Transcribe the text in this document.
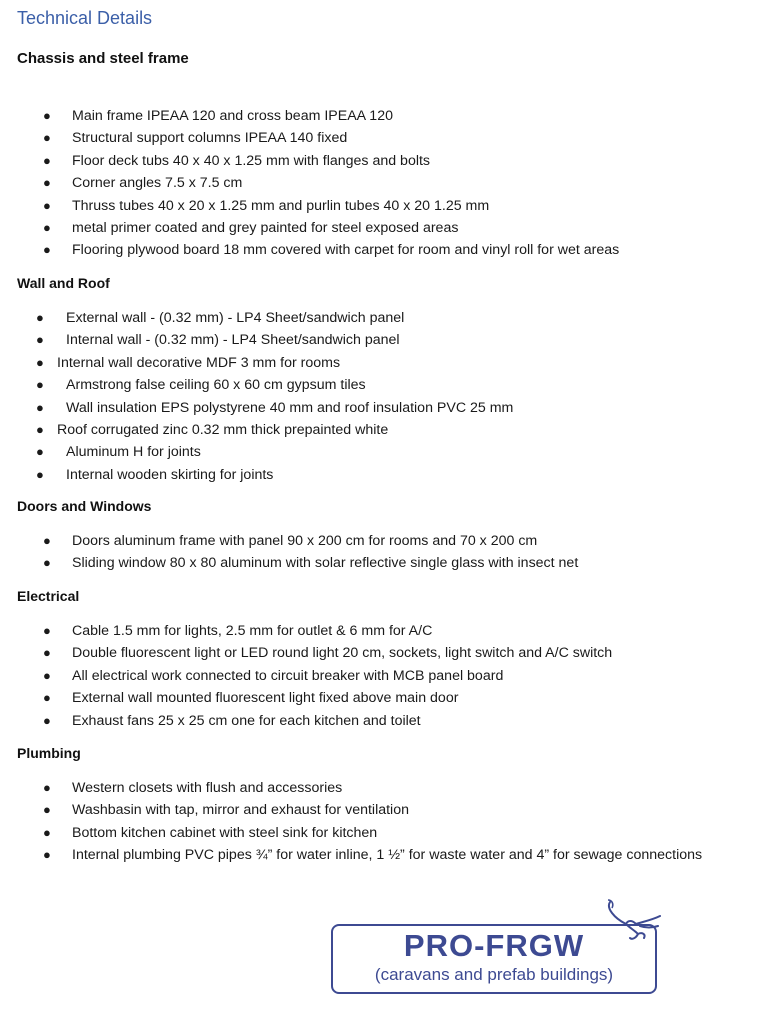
Technical Details
Chassis and steel frame
● Main frame IPEAA 120 and cross beam IPEAA 120
● Structural support columns IPEAA 140 fixed
● Floor deck tubs 40 x 40 x 1.25 mm with flanges and bolts
● Corner angles 7.5 x 7.5 cm
● Thruss tubes 40 x 20 x 1.25 mm and purlin tubes 40 x 20 1.25 mm
● metal primer coated and grey painted for steel exposed areas
● Flooring plywood board 18 mm covered with carpet for room and vinyl roll for wet areas
Wall and Roof
● External wall - (0.32 mm) - LP4 Sheet/sandwich panel
● Internal wall - (0.32 mm) - LP4 Sheet/sandwich panel
● Internal wall decorative MDF 3 mm for rooms
● Armstrong false ceiling 60 x 60 cm gypsum tiles
● Wall insulation EPS polystyrene 40 mm and roof insulation PVC 25 mm
● Roof corrugated zinc 0.32 mm thick prepainted white
● Aluminum H for joints
● Internal wooden skirting for joints
Doors and Windows
● Doors aluminum frame with panel 90 x 200 cm for rooms and 70 x 200 cm
● Sliding window 80 x 80 aluminum with solar reflective single glass with insect net
Electrical
● Cable 1.5 mm for lights, 2.5 mm for outlet & 6 mm for A/C
● Double fluorescent light or LED round light 20 cm, sockets, light switch and A/C switch
● All electrical work connected to circuit breaker with MCB panel board
● External wall mounted fluorescent light fixed above main door
● Exhaust fans 25 x 25 cm one for each kitchen and toilet
Plumbing
● Western closets with flush and accessories
● Washbasin with tap, mirror and exhaust for ventilation
● Bottom kitchen cabinet with steel sink for kitchen
● Internal plumbing PVC pipes ¾” for water inline, 1 ½” for waste water and 4” for sewage connections
PRO-FRGW
(caravans and prefab buildings)
